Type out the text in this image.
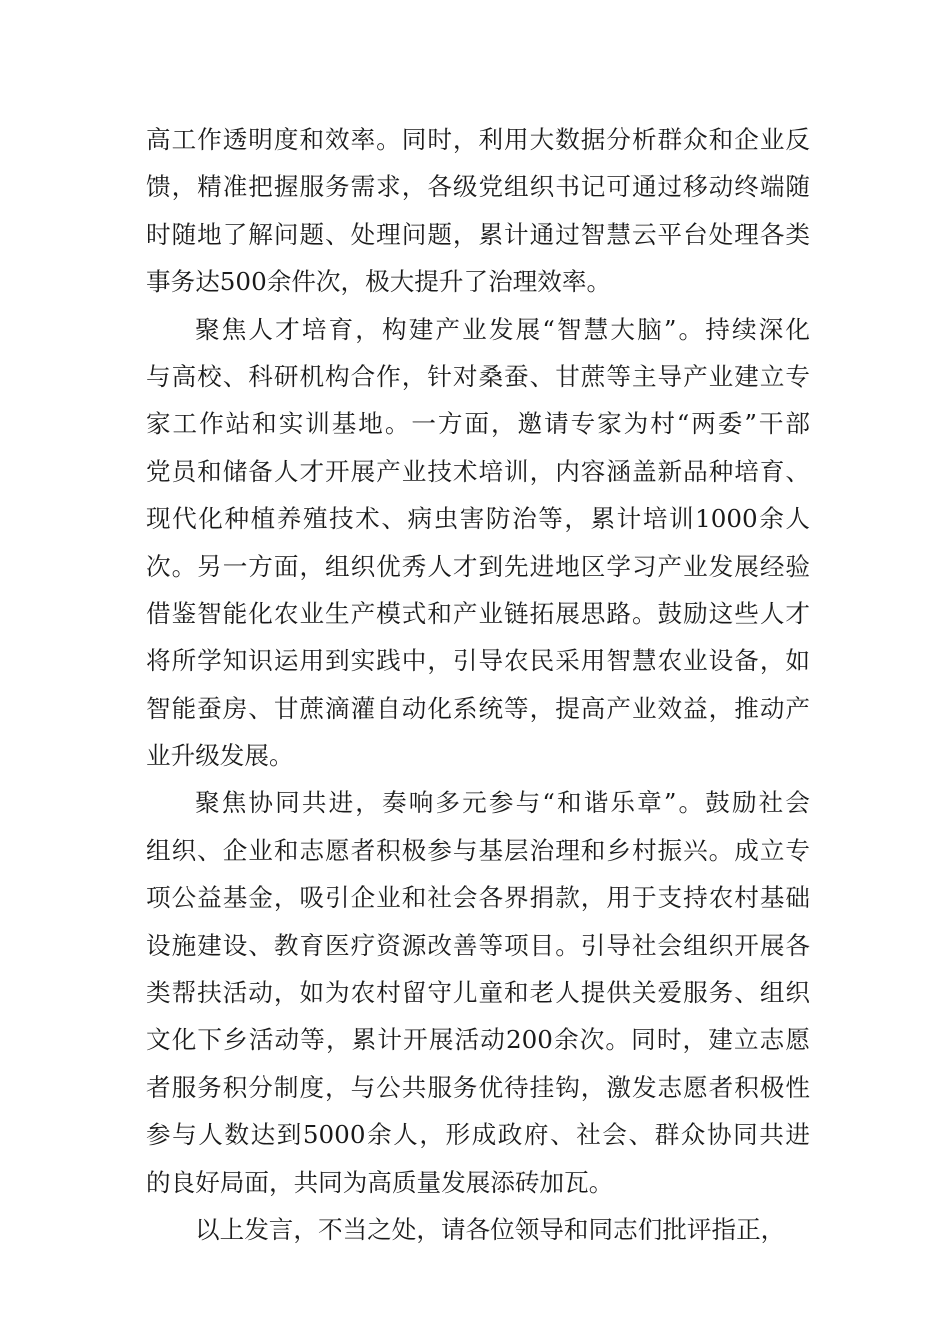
高工作透明度和效率。同时，利用大数据分析群众和企业反
馈，精准把握服务需求，各级党组织书记可通过移动终端随
时随地了解问题、处理问题，累计通过智慧云平台处理各类
事务达500余件次，极大提升了治理效率。
聚焦人才培育，构建产业发展“智慧大脑”。持续深化
与高校、科研机构合作，针对桑蚕、甘蔗等主导产业建立专
家工作站和实训基地。一方面，邀请专家为村“两委”干部
党员和储备人才开展产业技术培训，内容涵盖新品种培育、
现代化种植养殖技术、病虫害防治等，累计培训1000余人
次。另一方面，组织优秀人才到先进地区学习产业发展经验
借鉴智能化农业生产模式和产业链拓展思路。鼓励这些人才
将所学知识运用到实践中，引导农民采用智慧农业设备，如
智能蚕房、甘蔗滴灌自动化系统等，提高产业效益，推动产
业升级发展。
聚焦协同共进，奏响多元参与“和谐乐章”。鼓励社会
组织、企业和志愿者积极参与基层治理和乡村振兴。成立专
项公益基金，吸引企业和社会各界捐款，用于支持农村基础
设施建设、教育医疗资源改善等项目。引导社会组织开展各
类帮扶活动，如为农村留守儿童和老人提供关爱服务、组织
文化下乡活动等，累计开展活动200余次。同时，建立志愿
者服务积分制度，与公共服务优待挂钩，激发志愿者积极性
参与人数达到5000余人，形成政府、社会、群众协同共进
的良好局面，共同为高质量发展添砖加瓦。
以上发言，不当之处，请各位领导和同志们批评指正，
